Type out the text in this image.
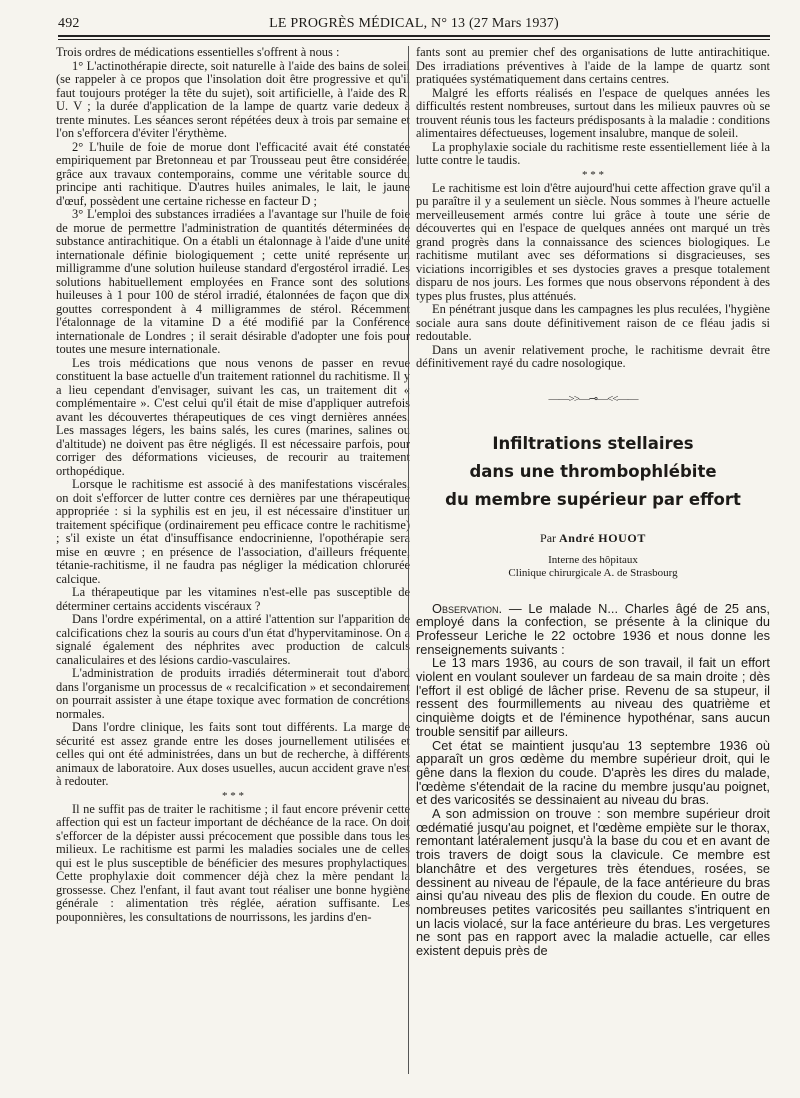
492	LE PROGRÈS MÉDICAL, N° 13 (27 Mars 1937)

Trois ordres de médications essentielles s'offrent à nous :

1° L'actinothérapie directe, soit naturelle à l'aide des bains de soleil (se rappeler à ce propos que l'insolation doit être progressive et qu'il faut toujours protéger la tête du sujet), soit artificielle, à l'aide des R. U. V ; la durée d'application de la lampe de quartz varie dedeux à trente minutes. Les séances seront répétées deux à trois par semaine et l'on s'efforcera d'éviter l'érythème.

2° L'huile de foie de morue dont l'efficacité avait été constatée empiriquement par Bretonneau et par Trousseau peut être considérée, grâce aux travaux contemporains, comme une véritable source du principe anti rachitique. D'autres huiles animales, le lait, le jaune d'œuf, possèdent une certaine richesse en facteur D ;

3° L'emploi des substances irradiées a l'avantage sur l'huile de foie de morue de permettre l'administration de quantités déterminées de substance antirachitique. On a établi un étalonnage à l'aide d'une unité internationale définie biologiquement ; cette unité représente un milligramme d'une solution huileuse standard d'ergostérol irradié. Les solutions habituellement employées en France sont des solutions huileuses à 1 pour 100 de stérol irradié, étalonnées de façon que dix gouttes correspondent à 4 milligrammes de stérol. Récemment l'étalonnage de la vitamine D a été modifié par la Conférence internationale de Londres ; il serait désirable d'adopter une fois pour toutes une mesure internationale.

Les trois médications que nous venons de passer en revue constituent la base actuelle d'un traitement rationnel du rachitisme. Il y a lieu cependant d'envisager, suivant les cas, un traitement dit « complémentaire ». C'est celui qu'il était de mise d'appliquer autrefois avant les découvertes thérapeutiques de ces vingt dernières années. Les massages légers, les bains salés, les cures (marines, salines ou d'altitude) ne doivent pas être négligés. Il est nécessaire parfois, pour corriger des déformations vicieuses, de recourir au traitement orthopédique.

Lorsque le rachitisme est associé à des manifestations viscérales, on doit s'efforcer de lutter contre ces dernières par une thérapeutique appropriée : si la syphilis est en jeu, il est nécessaire d'instituer un traitement spécifique (ordinairement peu efficace contre le rachitisme) ; s'il existe un état d'insuffisance endocrinienne, l'opothérapie sera mise en œuvre ; en présence de l'association, d'ailleurs fréquente, tétanie-rachitisme, il ne faudra pas négliger la médication chlorurée calcique.

La thérapeutique par les vitamines n'est-elle pas susceptible de déterminer certains accidents viscéraux ?

Dans l'ordre expérimental, on a attiré l'attention sur l'apparition de calcifications chez la souris au cours d'un état d'hypervitaminose. On a signalé également des néphrites avec production de calculs canaliculaires et des lésions cardio-vasculaires.

L'administration de produits irradiés déterminerait tout d'abord dans l'organisme un processus de « recalcification » et secondairement on pourrait assister à une étape toxique avec formation de concrétions normales.

Dans l'ordre clinique, les faits sont tout différents. La marge de sécurité est assez grande entre les doses journellement utilisées et celles qui ont été administrées, dans un but de recherche, à différents animaux de laboratoire. Aux doses usuelles, aucun accident grave n'est à redouter.

* * *

Il ne suffit pas de traiter le rachitisme ; il faut encore prévenir cette affection qui est un facteur important de déchéance de la race. On doit s'efforcer de la dépister aussi précocement que possible dans tous les milieux. Le rachitisme est parmi les maladies sociales une de celles qui est le plus susceptible de bénéficier des mesures prophylactiques. Cette prophylaxie doit commencer déjà chez la mère pendant la grossesse. Chez l'enfant, il faut avant tout réaliser une bonne hygiène générale : alimentation très réglée, aération suffisante. Les pouponnières, les consultations de nourrissons, les jardins d'en-

fants sont au premier chef des organisations de lutte antirachitique. Des irradiations préventives à l'aide de la lampe de quartz sont pratiquées systématiquement dans certains centres.

Malgré les efforts réalisés en l'espace de quelques années les difficultés restent nombreuses, surtout dans les milieux pauvres où se trouvent réunis tous les facteurs prédisposants à la maladie : conditions alimentaires défectueuses, logement insalubre, manque de soleil.

La prophylaxie sociale du rachitisme reste essentiellement liée à la lutte contre le taudis.

* * *

Le rachitisme est loin d'être aujourd'hui cette affection grave qu'il a pu paraître il y a seulement un siècle. Nous sommes à l'heure actuelle merveilleusement armés contre lui grâce à toute une série de découvertes qui en l'espace de quelques années ont marqué un très grand progrès dans la connaissance des sciences biologiques. Le rachitisme mutilant avec ses déformations si disgracieuses, ses viciations incorrigibles et ses dystocies graves a presque totalement disparu de nos jours. Les formes que nous observons répondent à des types plus frustes, plus atténués.

En pénétrant jusque dans les campagnes les plus reculées, l'hygiène sociale aura sans doute définitivement raison de ce fléau jadis si redoutable.

Dans un avenir relativement proche, le rachitisme devrait être définitivement rayé du cadre nosologique.

——>>—⊸—<<——
Infiltrations stellaires
dans une thrombophlébite
du membre supérieur par effort
Par André HOUOT
Interne des hôpitaux
Clinique chirurgicale A. de Strasbourg

Observation. — Le malade N... Charles âgé de 25 ans, employé dans la confection, se présente à la clinique du Professeur Leriche le 22 octobre 1936 et nous donne les renseignements suivants :

Le 13 mars 1936, au cours de son travail, il fait un effort violent en voulant soulever un fardeau de sa main droite ; dès l'effort il est obligé de lâcher prise. Revenu de sa stupeur, il ressent des fourmillements au niveau des quatrième et cinquième doigts et de l'éminence hypothénar, sans aucun trouble sensitif par ailleurs.

Cet état se maintient jusqu'au 13 septembre 1936 où apparaît un gros œdème du membre supérieur droit, qui le gêne dans la flexion du coude. D'après les dires du malade, l'œdème s'étendait de la racine du membre jusqu'au poignet, et des varicosités se dessinaient au niveau du bras.

A son admission on trouve : son membre supérieur droit œdématié jusqu'au poignet, et l'œdème empiète sur le thorax, remontant latéralement jusqu'à la base du cou et en avant de trois travers de doigt sous la clavicule. Ce membre est blanchâtre et des vergetures très étendues, rosées, se dessinent au niveau de l'épaule, de la face antérieure du bras ainsi qu'au niveau des plis de flexion du coude. En outre de nombreuses petites varicosités peu saillantes s'intriquent en un lacis violacé, sur la face antérieure du bras. Les vergetures ne sont pas en rapport avec la maladie actuelle, car elles existent depuis près de
